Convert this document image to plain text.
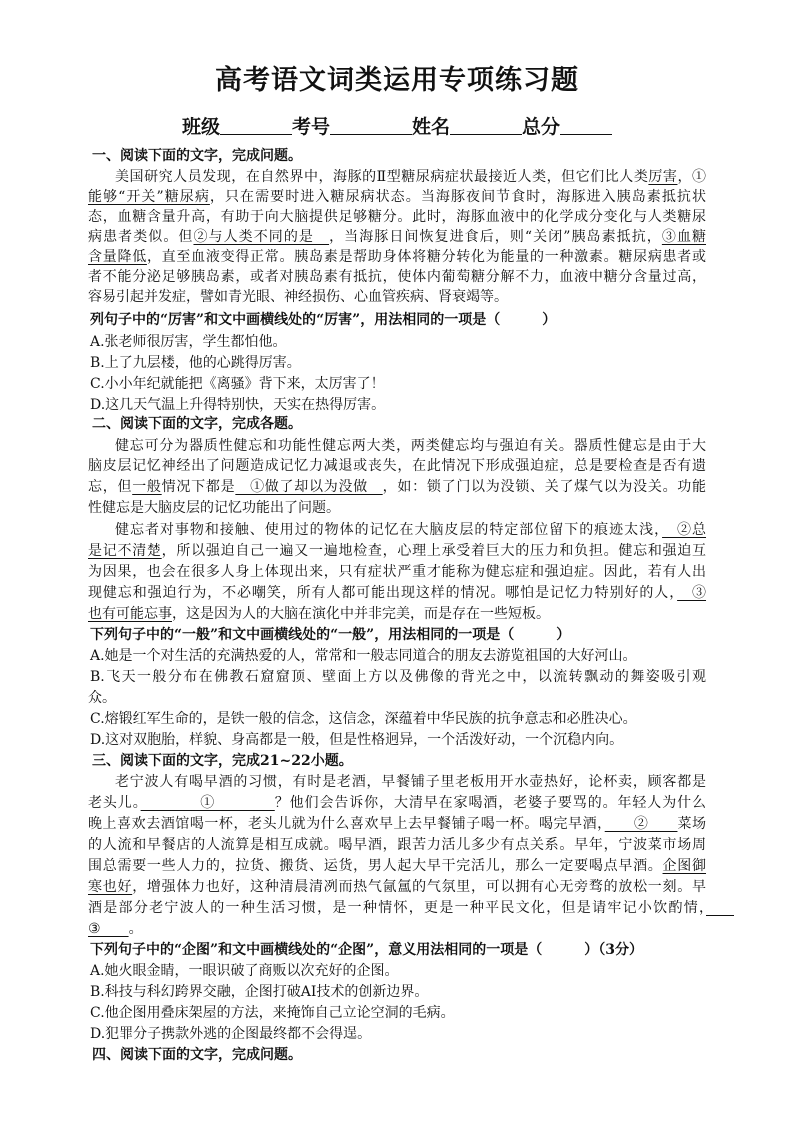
高考语文词类运用专项练习题
班级	考号	姓名	总分
一、阅读下面的文字，完成问题。
美国研究人员发现，在自然界中，海豚的Ⅱ型糖尿病症状最接近人类，但它们比人类厉害，①
能够“开关”糖尿病，只在需要时进入糖尿病状态。当海豚夜间节食时，海豚进入胰岛素抵抗状
态，血糖含量升高，有助于向大脑提供足够糖分。此时，海豚血液中的化学成分变化与人类糖尿
病患者类似。但②与人类不同的是　，当海豚日间恢复进食后，则“关闭”胰岛素抵抗，③血糖
含量降低，直至血液变得正常。胰岛素是帮助身体将糖分转化为能量的一种激素。糖尿病患者或
者不能分泌足够胰岛素，或者对胰岛素有抵抗，使体内葡萄糖分解不力，血液中糖分含量过高，
容易引起并发症，譬如青光眼、神经损伤、心血管疾病、肾衰竭等。
列句子中的“厉害”和文中画横线处的“厉害”，用法相同的一项是（　　　）
A.张老师很厉害，学生都怕他。
B.上了九层楼，他的心跳得厉害。
C.小小年纪就能把《离骚》背下来，太厉害了！
D.这几天气温上升得特别快，天实在热得厉害。
二、阅读下面的文字，完成各题。
健忘可分为器质性健忘和功能性健忘两大类，两类健忘均与强迫有关。器质性健忘是由于大
脑皮层记忆神经出了问题造成记忆力减退或丧失，在此情况下形成强迫症，总是要检查是否有遗
忘，但一般情况下都是　①做了却以为没做　，如：锁了门以为没锁、关了煤气以为没关。功能
性健忘是大脑皮层的记忆功能出了问题。
健忘者对事物和接触、使用过的物体的记忆在大脑皮层的特定部位留下的痕迹太浅，　②总
是记不清楚，所以强迫自己一遍又一遍地检查，心理上承受着巨大的压力和负担。健忘和强迫互
为因果，也会在很多人身上体现出来，只有症状严重才能称为健忘症和强迫症。因此，若有人出
现健忘和强迫行为，不必嘲笑，所有人都可能出现这样的情况。哪怕是记忆力特别好的人，　③
也有可能忘事，这是因为人的大脑在演化中并非完美，而是存在一些短板。
下列句子中的“一般”和文中画横线处的“一般”，用法相同的一项是（　　　）
A.她是一个对生活的充满热爱的人，常常和一般志同道合的朋友去游览祖国的大好河山。
B.飞天一般分布在佛教石窟窟顶、壁面上方以及佛像的背光之中，以流转飘动的舞姿吸引观
众。
C.熔锻红军生命的，是铁一般的信念，这信念，深蕴着中华民族的抗争意志和必胜决心。
D.这对双胞胎，样貌、身高都是一般，但是性格迥异，一个活泼好动，一个沉稳内向。
三、阅读下面的文字，完成21~22小题。
老宁波人有喝早酒的习惯，有时是老酒，早餐铺子里老板用开水壶热好，论杯卖，顾客都是
老头儿。　　　　①　　　　？他们会告诉你，大清早在家喝酒，老婆子要骂的。年轻人为什么
晚上喜欢去酒馆喝一杯，老头儿就为什么喜欢早上去早餐铺子喝一杯。喝完早酒，　　②　　菜场
的人流和早餐店的人流算是相互成就。喝早酒，跟苦力活儿多少有点关系。早年，宁波菜市场周
围总需要一些人力的，拉货、搬货、运货，男人起大早干完活儿，那么一定要喝点早酒。企图御
寒也好，增强体力也好，这种清晨清冽而热气氤氲的气氛里，可以拥有心无旁骛的放松一刻。早
酒是部分老宁波人的一种生活习惯，是一种情怀，更是一种平民文化，但是请牢记小饮酌情，　　
③　　。
下列句子中的“企图”和文中画横线处的“企图”，意义用法相同的一项是（　　　）（3分）
A.她火眼金睛，一眼识破了商贩以次充好的企图。
B.科技与科幻跨界交融，企图打破AI技术的创新边界。
C.他企图用叠床架屋的方法，来掩饰自己立论空洞的毛病。
D.犯罪分子携款外逃的企图最终都不会得逞。
四、阅读下面的文字，完成问题。
